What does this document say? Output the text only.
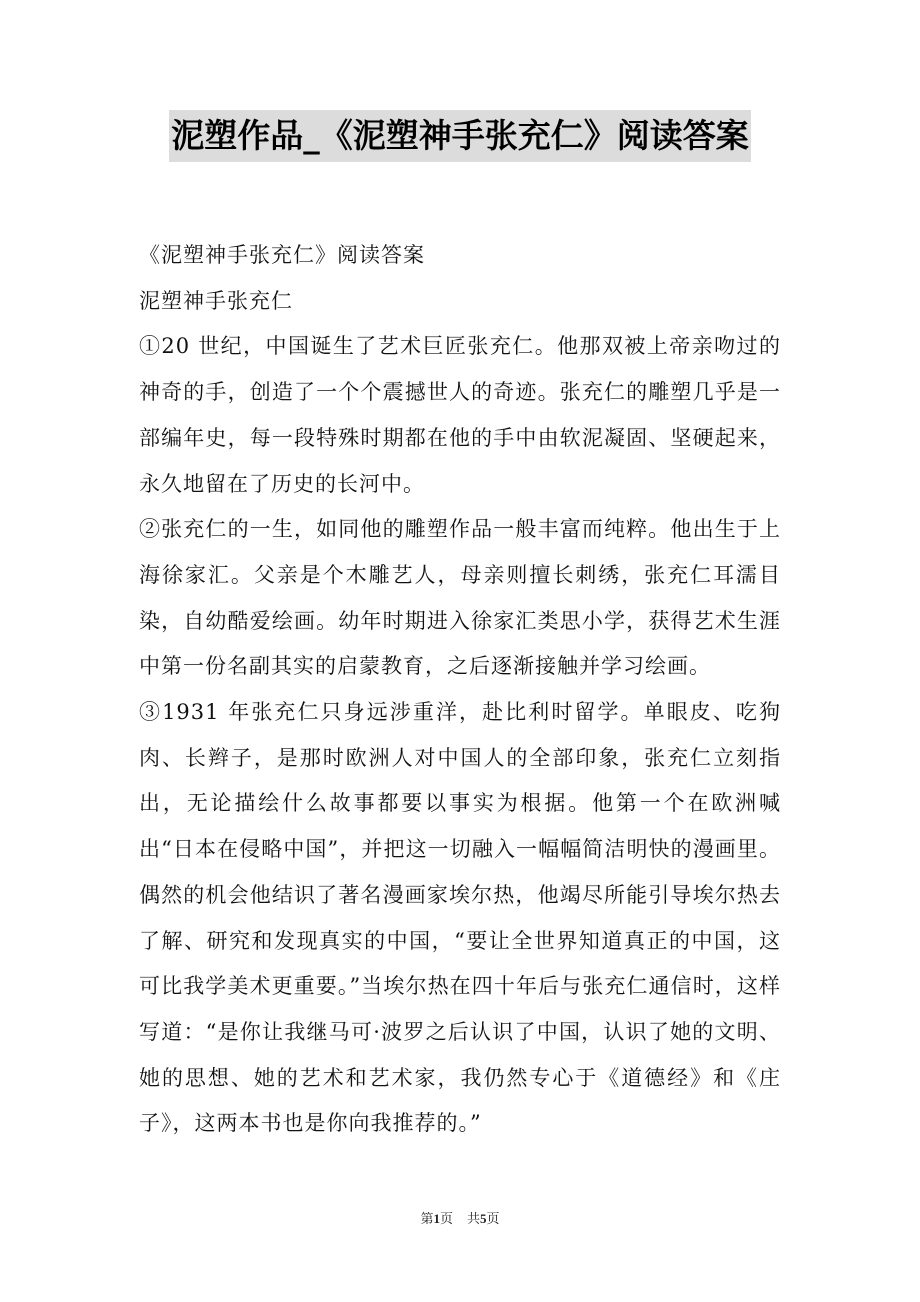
泥塑作品_《泥塑神手张充仁》阅读答案

《泥塑神手张充仁》阅读答案

泥塑神手张充仁

①20 世纪，中国诞生了艺术巨匠张充仁。他那双被上帝亲吻过的神奇的手，创造了一个个震撼世人的奇迹。张充仁的雕塑几乎是一部编年史，每一段特殊时期都在他的手中由软泥凝固、坚硬起来，永久地留在了历史的长河中。

②张充仁的一生，如同他的雕塑作品一般丰富而纯粹。他出生于上海徐家汇。父亲是个木雕艺人，母亲则擅长刺绣，张充仁耳濡目染，自幼酷爱绘画。幼年时期进入徐家汇类思小学，获得艺术生涯中第一份名副其实的启蒙教育，之后逐渐接触并学习绘画。

③1931 年张充仁只身远涉重洋，赴比利时留学。单眼皮、吃狗肉、长辫子，是那时欧洲人对中国人的全部印象，张充仁立刻指出，无论描绘什么故事都要以事实为根据。他第一个在欧洲喊出“日本在侵略中国”，并把这一切融入一幅幅简洁明快的漫画里。偶然的机会他结识了著名漫画家埃尔热，他竭尽所能引导埃尔热去了解、研究和发现真实的中国，“要让全世界知道真正的中国，这可比我学美术更重要。”当埃尔热在四十年后与张充仁通信时，这样写道：“是你让我继马可·波罗之后认识了中国，认识了她的文明、她的思想、她的艺术和艺术家，我仍然专心于《道德经》和《庄子》，这两本书也是你向我推荐的。”

第1页 共5页
